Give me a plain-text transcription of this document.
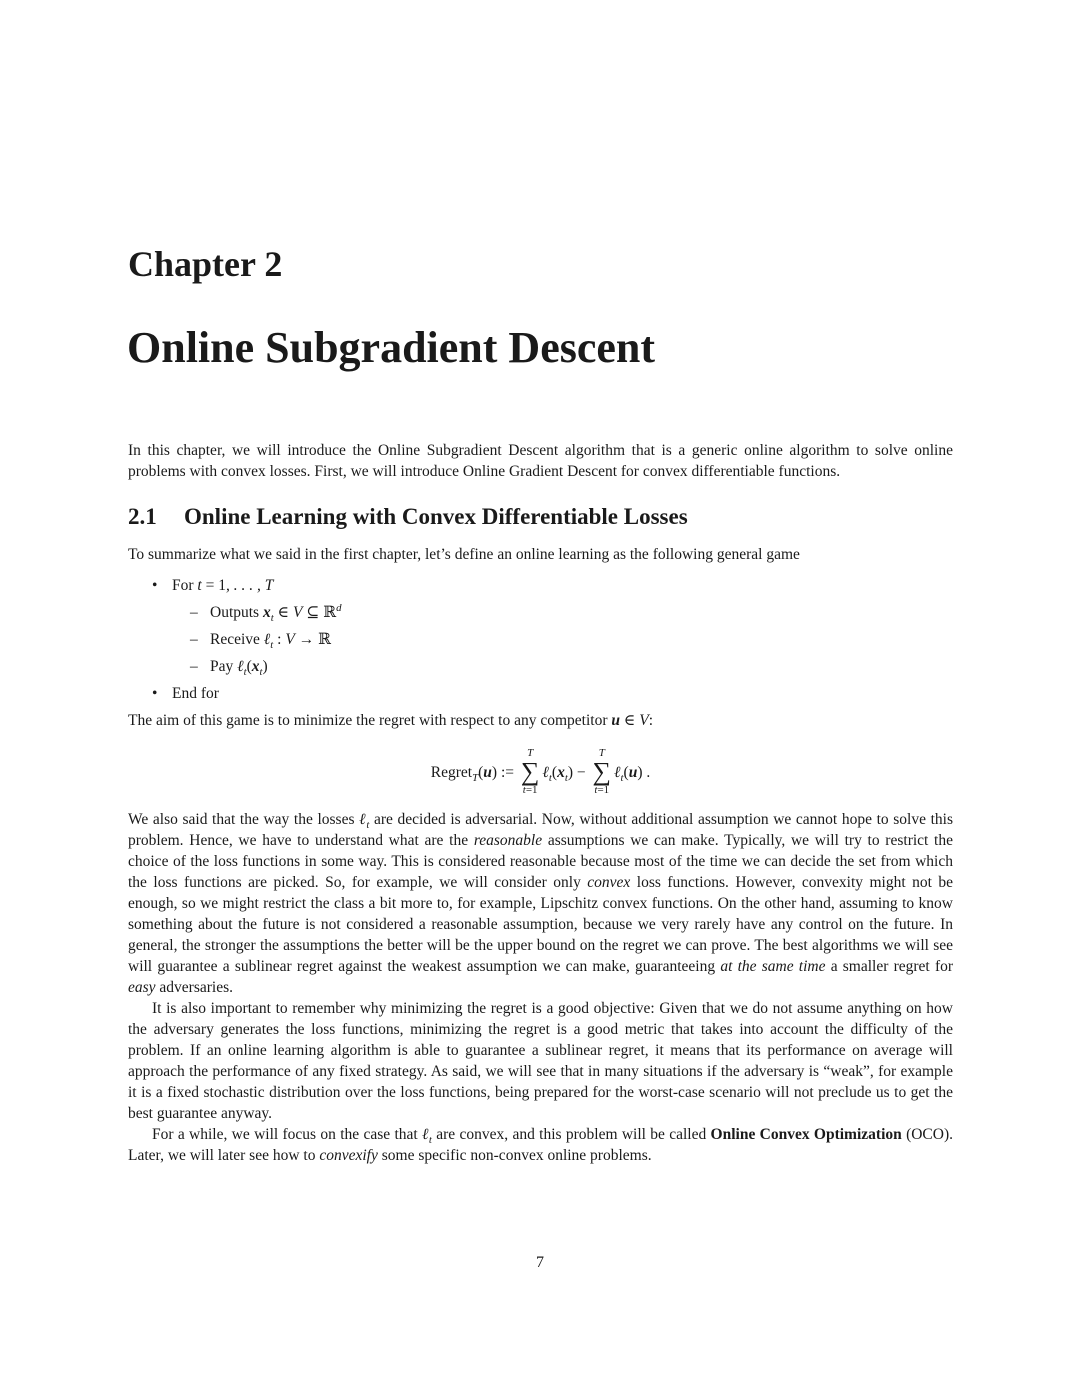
Chapter 2
Online Subgradient Descent

In this chapter, we will introduce the Online Subgradient Descent algorithm that is a generic online algorithm to solve online problems with convex losses. First, we will introduce Online Gradient Descent for convex differentiable functions.

2.1 Online Learning with Convex Differentiable Losses

To summarize what we said in the first chapter, let’s define an online learning as the following general game

• For t = 1, . . . , T
– Outputs $x_t$ ∈ V ⊆ ℝ$^d$
– Receive ℓ$_t$ : V → ℝ
– Pay $\ell_t(x_t)$
• End for

The aim of this game is to minimize the regret with respect to any competitor u ∈ V:

Regret$_T$(u) :=
T
∑
t=1
$\ell_t(x_t)$ −
T
∑
t=1
ℓ$_t$(u) .

We also said that the way the losses ℓ$_t$ are decided is adversarial. Now, without additional assumption we cannot hope to solve this problem. Hence, we have to understand what are the reasonable assumptions we can make. Typically, we will try to restrict the choice of the loss functions in some way. This is considered reasonable because most of the time we can decide the set from which the loss functions are picked. So, for example, we will consider only convex loss functions. However, convexity might not be enough, so we might restrict the class a bit more to, for example, Lipschitz convex functions. On the other hand, assuming to know something about the future is not considered a reasonable assumption, because we very rarely have any control on the future. In general, the stronger the assumptions the better will be the upper bound on the regret we can prove. The best algorithms we will see will guarantee a sublinear regret against the weakest assumption we can make, guaranteeing at the same time a smaller regret for easy adversaries.

It is also important to remember why minimizing the regret is a good objective: Given that we do not assume anything on how the adversary generates the loss functions, minimizing the regret is a good metric that takes into account the difficulty of the problem. If an online learning algorithm is able to guarantee a sublinear regret, it means that its performance on average will approach the performance of any fixed strategy. As said, we will see that in many situations if the adversary is “weak”, for example it is a fixed stochastic distribution over the loss functions, being prepared for the worst-case scenario will not preclude us to get the best guarantee anyway.

For a while, we will focus on the case that ℓ$_t$ are convex, and this problem will be called Online Convex Optimization (OCO). Later, we will later see how to convexify some specific non-convex online problems.

7
